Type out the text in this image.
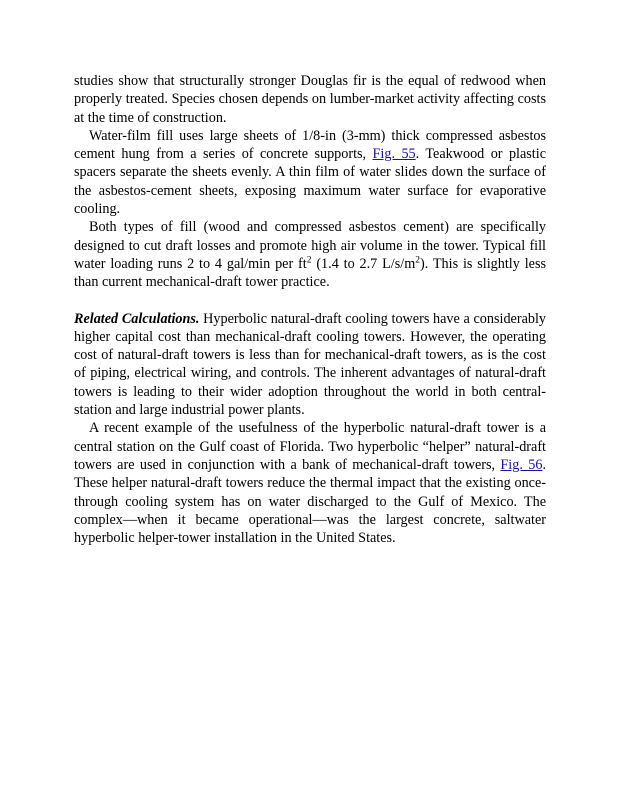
studies show that structurally stronger Douglas fir is the equal of redwood when properly treated. Species chosen depends on lumber-market activity affecting costs at the time of construction.

Water-film fill uses large sheets of 1/8-in (3-mm) thick compressed asbestos cement hung from a series of concrete supports, Fig. 55. Teakwood or plastic spacers separate the sheets evenly. A thin film of water slides down the surface of the asbestos-cement sheets, exposing maximum water surface for evaporative cooling.

Both types of fill (wood and compressed asbestos cement) are specifically designed to cut draft losses and promote high air volume in the tower. Typical fill water loading runs 2 to 4 gal/min per $ft^2$ (1.4 to 2.7 $L/s/m^2$). This is slightly less than current mechanical-draft tower practice.

Related Calculations. Hyperbolic natural-draft cooling towers have a considerably higher capital cost than mechanical-draft cooling towers. However, the operating cost of natural-draft towers is less than for mechanical-draft towers, as is the cost of piping, electrical wiring, and controls. The inherent advantages of natural-draft towers is leading to their wider adoption throughout the world in both central-station and large industrial power plants.

A recent example of the usefulness of the hyperbolic natural-draft tower is a central station on the Gulf coast of Florida. Two hyperbolic “helper” natural-draft towers are used in conjunction with a bank of mechanical-draft towers, Fig. 56. These helper natural-draft towers reduce the thermal impact that the existing once-through cooling system has on water discharged to the Gulf of Mexico. The complex—when it became operational—was the largest concrete, saltwater hyperbolic helper-tower installation in the United States.
